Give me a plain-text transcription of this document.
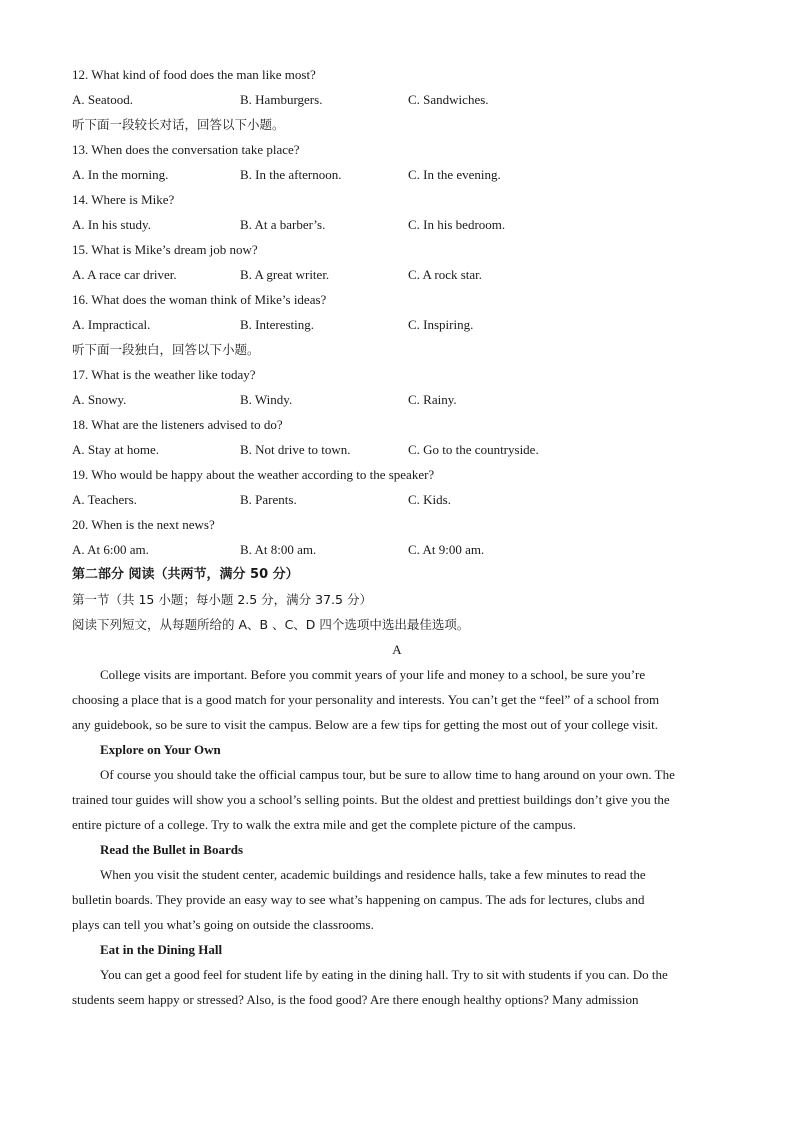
12. What kind of food does the man like most?
A. Seatood.	B. Hamburgers.	C. Sandwiches.
听下面一段较长对话，回答以下小题。
13. When does the conversation take place?
A. In the morning.	B. In the afternoon.	C. In the evening.
14. Where is Mike?
A. In his study.	B. At a barber’s.	C. In his bedroom.
15. What is Mike’s dream job now?
A. A race car driver.	B. A great writer.	C. A rock star.
16. What does the woman think of Mike’s ideas?
A. Impractical.	B. Interesting.	C. Inspiring.
听下面一段独白，回答以下小题。
17. What is the weather like today?
A. Snowy.	B. Windy.	C. Rainy.
18. What are the listeners advised to do?
A. Stay at home.	B. Not drive to town.	C. Go to the countryside.
19. Who would be happy about the weather according to the speaker?
A. Teachers.	B. Parents.	C. Kids.
20. When is the next news?
A. At 6:00 am.	B. At 8:00 am.	C. At 9:00 am.
第二部分 阅读（共两节，满分 50 分）
第一节（共 15 小题；每小题 2.5 分，满分 37.5 分）
阅读下列短文，从每题所给的 A、B 、C、D 四个选项中选出最佳选项。
A
College visits are important. Before you commit years of your life and money to a school, be sure you’re
choosing a place that is a good match for your personality and interests. You can’t get the “feel” of a school from
any guidebook, so be sure to visit the campus. Below are a few tips for getting the most out of your college visit.
Explore on Your Own
Of course you should take the official campus tour, but be sure to allow time to hang around on your own. The
trained tour guides will show you a school’s selling points. But the oldest and prettiest buildings don’t give you the
entire picture of a college. Try to walk the extra mile and get the complete picture of the campus.
Read the Bullet in Boards
When you visit the student center, academic buildings and residence halls, take a few minutes to read the
bulletin boards. They provide an easy way to see what’s happening on campus. The ads for lectures, clubs and
plays can tell you what’s going on outside the classrooms.
Eat in the Dining Hall
You can get a good feel for student life by eating in the dining hall. Try to sit with students if you can. Do the
students seem happy or stressed? Also, is the food good? Are there enough healthy options? Many admission
